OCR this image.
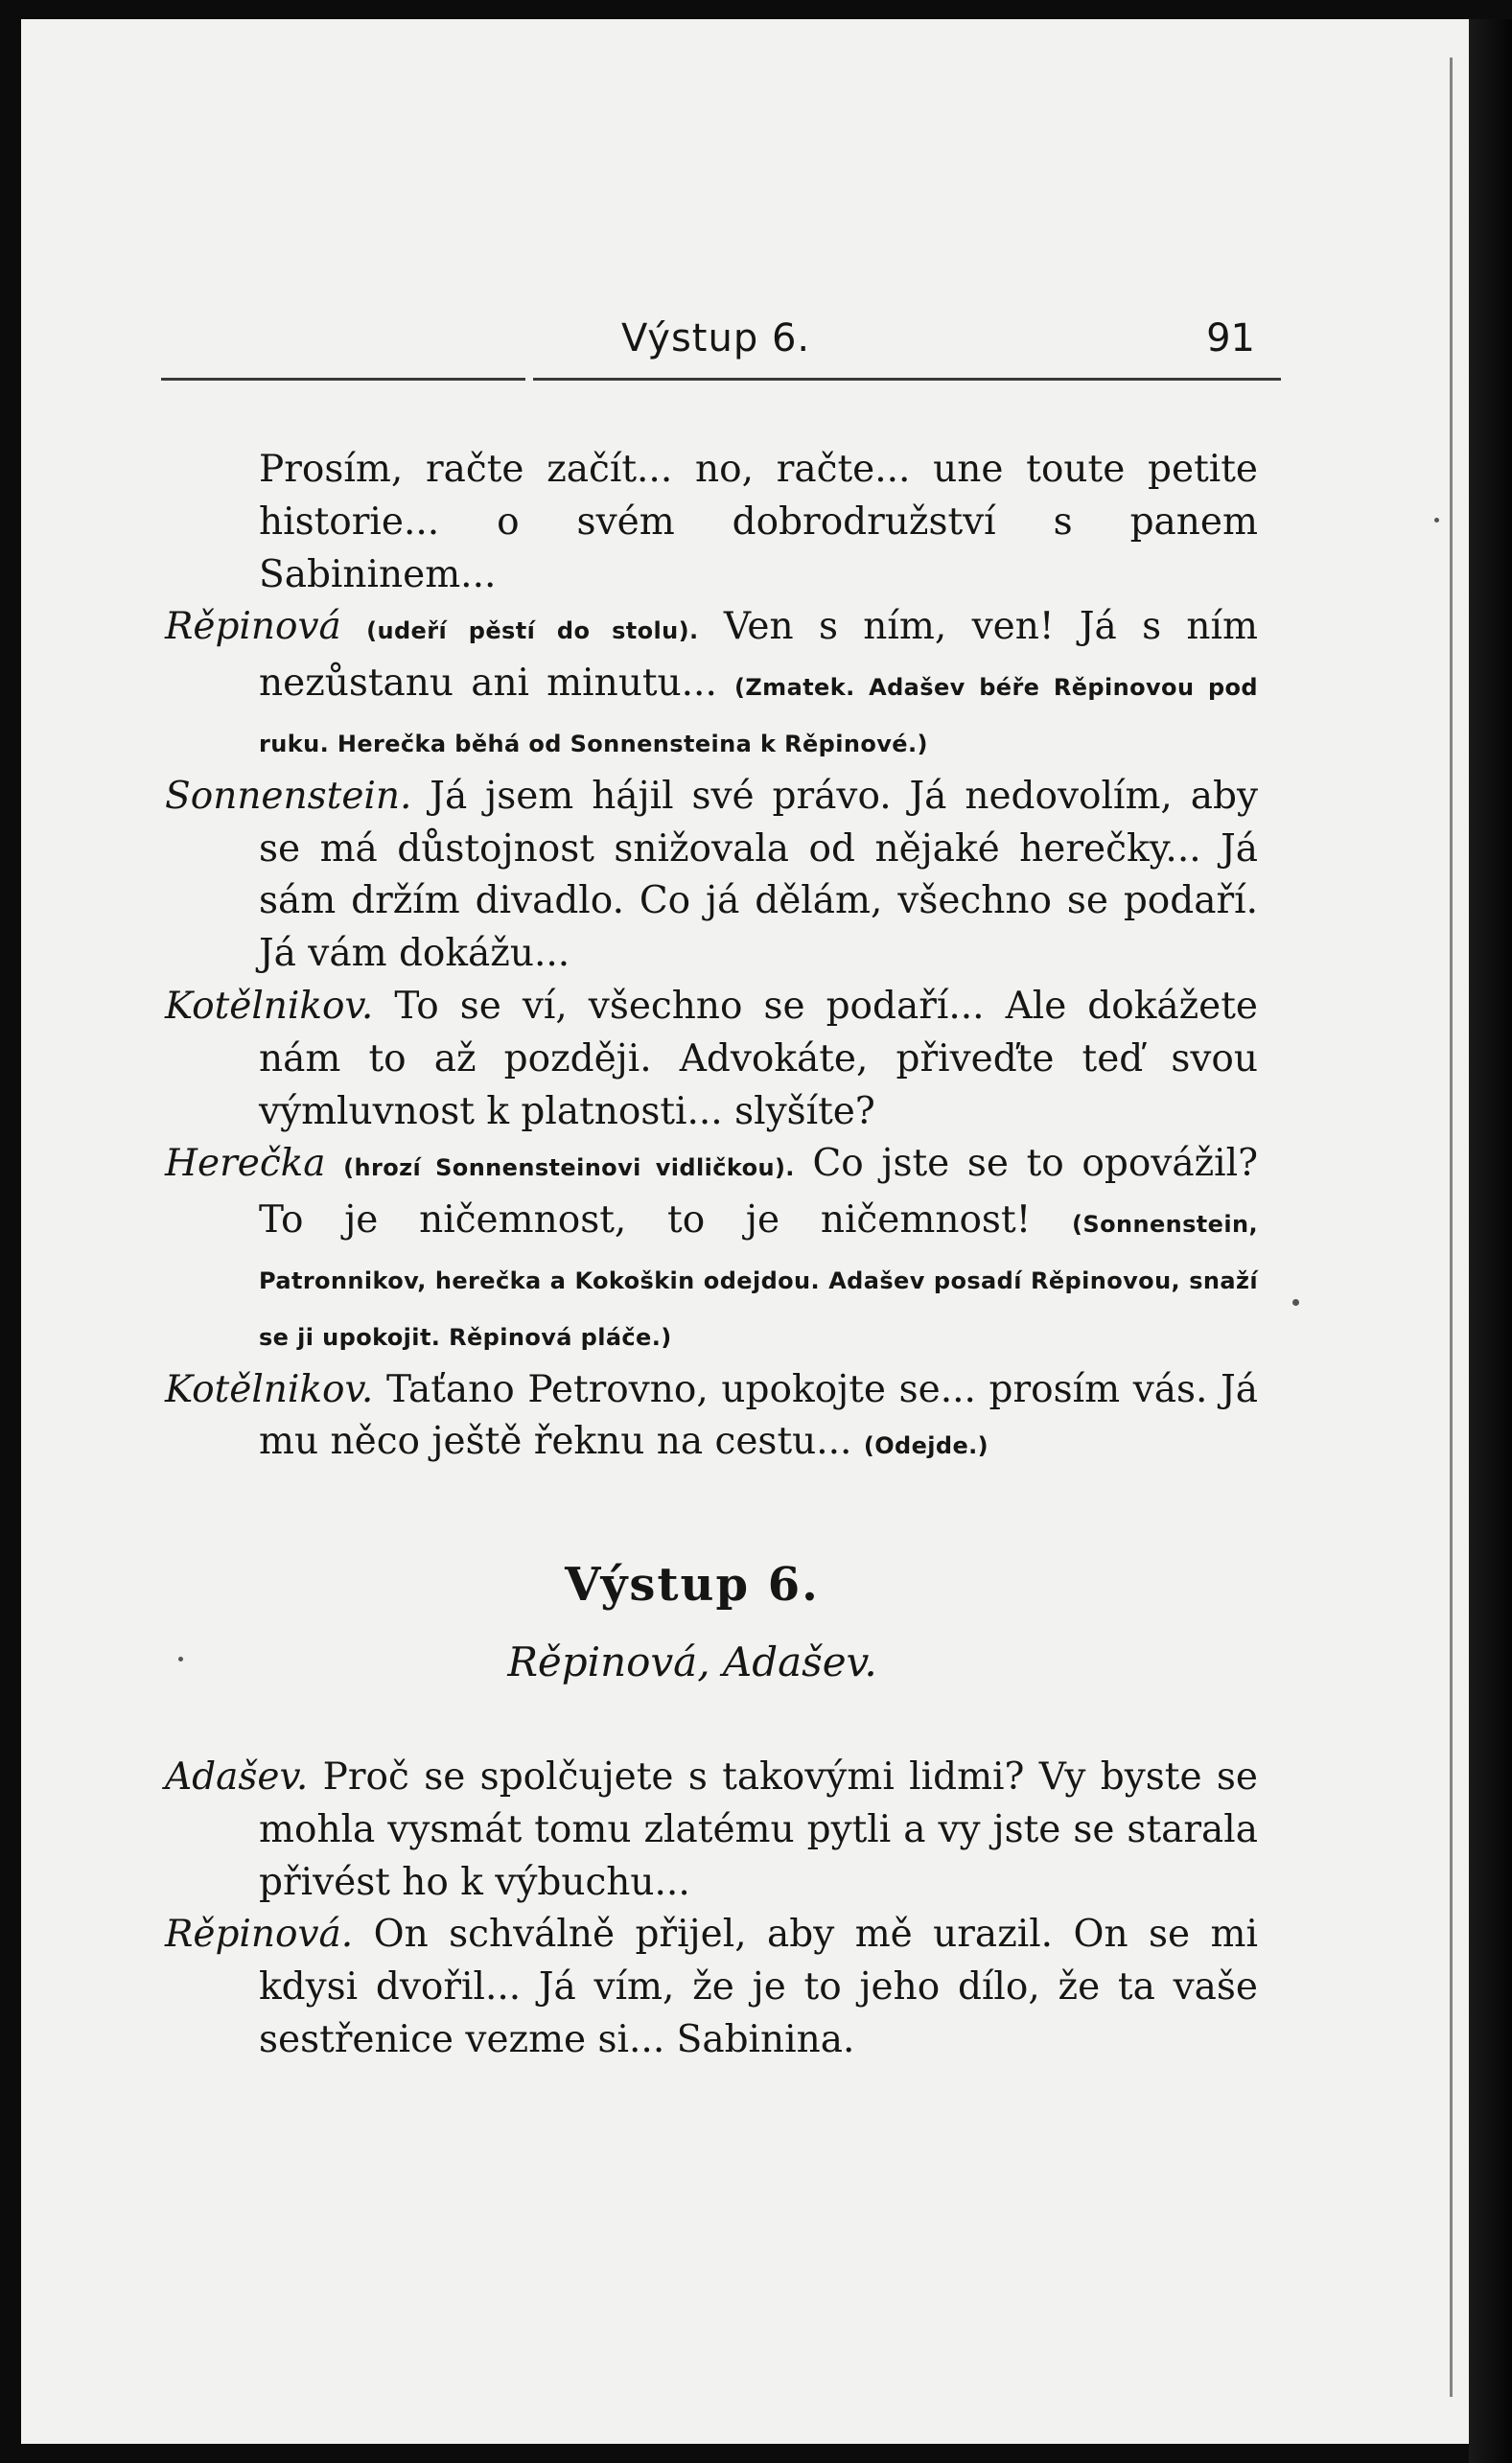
Výstup 6.	91

Prosím, račte začít... no, račte... une toute petite historie... o svém dobrodružství s panem Sabininem...

Rěpinová (udeří pěstí do stolu). Ven s ním, ven! Já s ním nezůstanu ani minutu... (Zmatek. Adašev béře Rěpinovou pod ruku. Herečka běhá od Sonnensteina k Rěpinové.)

Sonnenstein. Já jsem hájil své právo. Já nedovolím, aby se má důstojnost snižovala od nějaké herečky... Já sám držím divadlo. Co já dělám, všechno se podaří. Já vám dokážu...

Kotělnikov. To se ví, všechno se podaří... Ale dokážete nám to až později. Advokáte, přiveďte teď svou výmluvnost k platnosti... slyšíte?

Herečka (hrozí Sonnensteinovi vidličkou). Co jste se to opovážil? To je ničemnost, to je ničemnost! (Sonnenstein, Patronnikov, herečka a Kokoškin odejdou. Adašev posadí Rěpinovou, snaží se ji upokojit. Rěpinová pláče.)

Kotělnikov. Taťano Petrovno, upokojte se... prosím vás. Já mu něco ještě řeknu na cestu... (Odejde.)

Výstup 6.

Rěpinová, Adašev.

Adašev. Proč se spolčujete s takovými lidmi? Vy byste se mohla vysmát tomu zlatému pytli a vy jste se starala přivést ho k výbuchu...

Rěpinová. On schválně přijel, aby mě urazil. On se mi kdysi dvořil... Já vím, že je to jeho dílo, že ta vaše sestřenice vezme si... Sabinina.
